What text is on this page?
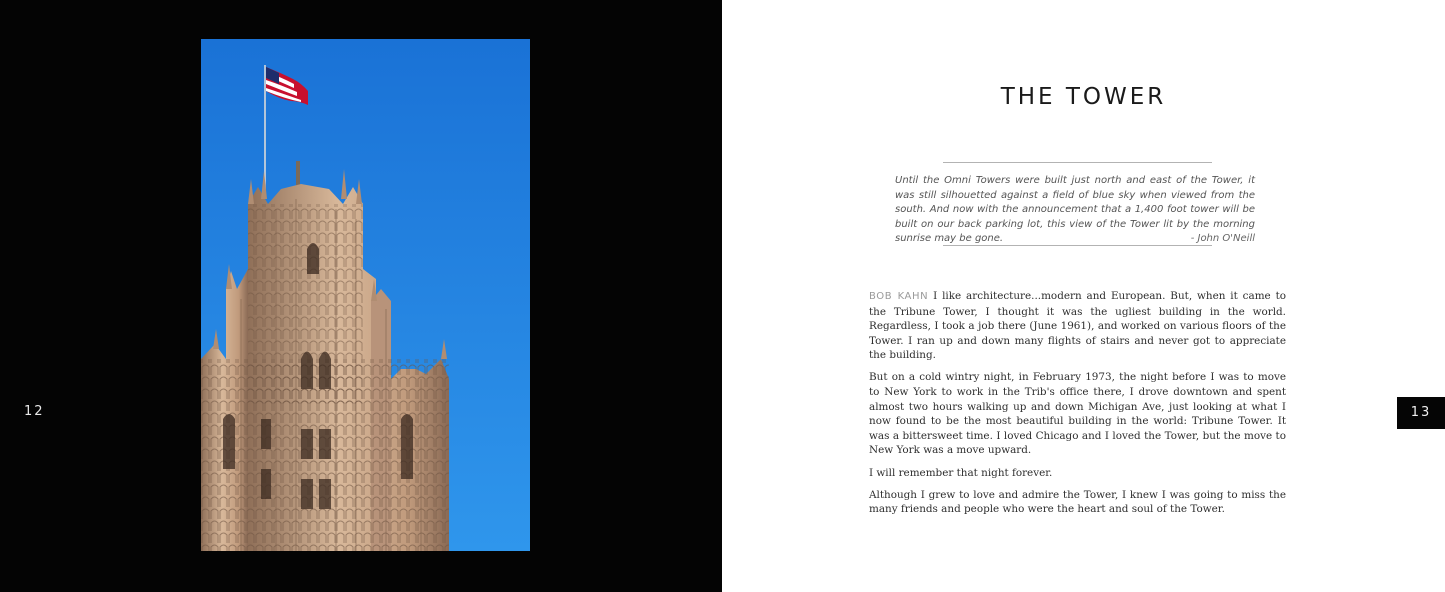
12	13
THE TOWER
Until the Omni Towers were built just north and east of the Tower, it was still silhouetted against a field of blue sky when viewed from the south. And now with the announcement that a 1,400 foot tower will be built on our back parking lot, this view of the Tower lit by the morning sunrise may be gone.	- John O'Neill

BOB KAHN I like architecture...modern and European. But, when it came to the Tribune Tower, I thought it was the ugliest building in the world. Regardless, I took a job there (June 1961), and worked on various floors of the Tower. I ran up and down many flights of stairs and never got to appreciate the building.

But on a cold wintry night, in February 1973, the night before I was to move to New York to work in the Trib's office there, I drove downtown and spent almost two hours walking up and down Michigan Ave, just looking at what I now found to be the most beautiful building in the world: Tribune Tower. It was a bittersweet time. I loved Chicago and I loved the Tower, but the move to New York was a move upward.

I will remember that night forever.

Although I grew to love and admire the Tower, I knew I was going to miss the many friends and people who were the heart and soul of the Tower.
